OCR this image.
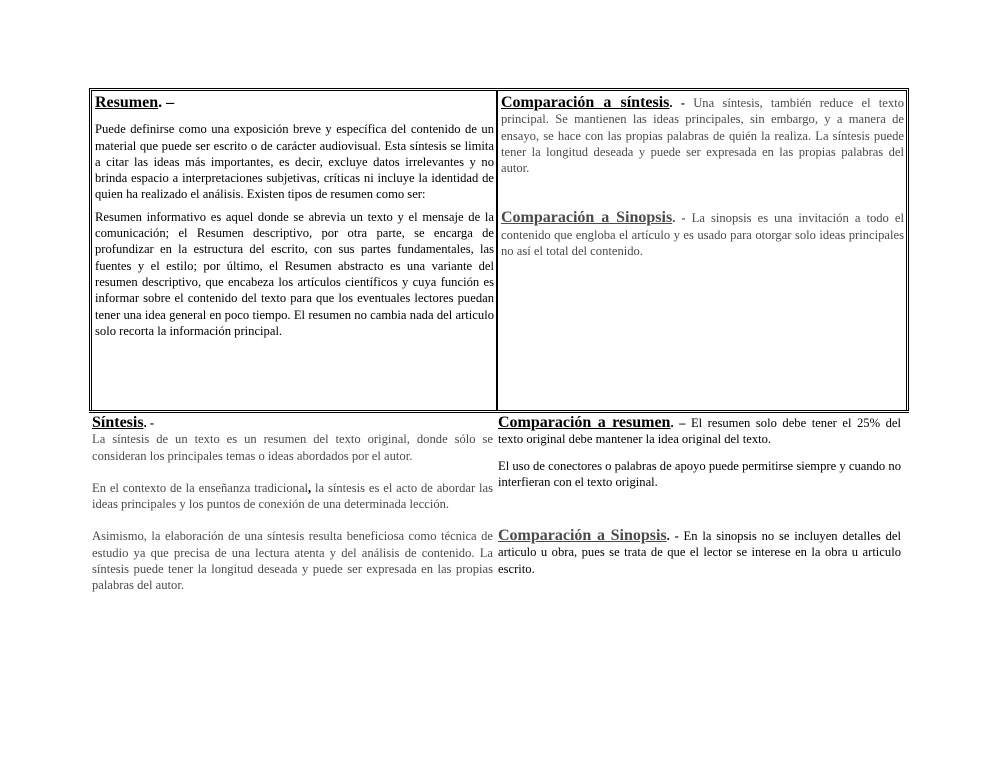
Resumen. –

Puede definirse como una exposición breve y específica del contenido de un material que puede ser escrito o de carácter audiovisual. Esta síntesis se limita a citar las ideas más importantes, es decir, excluye datos irrelevantes y no brinda espacio a interpretaciones subjetivas, críticas ni incluye la identidad de quien ha realizado el análisis. Existen tipos de resumen como ser:

Resumen informativo es aquel donde se abrevia un texto y el mensaje de la comunicación; el Resumen descriptivo, por otra parte, se encarga de profundizar en la estructura del escrito, con sus partes fundamentales, las fuentes y el estilo; por último, el Resumen abstracto es una variante del resumen descriptivo, que encabeza los artículos científicos y cuya función es informar sobre el contenido del texto para que los eventuales lectores puedan tener una idea general en poco tiempo. El resumen no cambia nada del articulo solo recorta la información principal.

Comparación a síntesis. - Una síntesis, también reduce el texto principal. Se mantienen las ideas principales, sin embargo, y a manera de ensayo, se hace con las propias palabras de quién la realiza. La síntesis puede tener la longitud deseada y puede ser expresada en las propias palabras del autor.

Comparación a Sinopsis. - La sinopsis es una invitación a todo el contenido que engloba el artículo y es usado para otorgar solo ideas principales no así el total del contenido.

Síntesis. -

La síntesis de un texto es un resumen del texto original, donde sólo se consideran los principales temas o ideas abordados por el autor.

En el contexto de la enseñanza tradicional, la síntesis es el acto de abordar las ideas principales y los puntos de conexión de una determinada lección.

Asimismo, la elaboración de una síntesis resulta beneficiosa como técnica de estudio ya que precisa de una lectura atenta y del análisis de contenido. La síntesis puede tener la longitud deseada y puede ser expresada en las propias palabras del autor.

Comparación a resumen. – El resumen solo debe tener el 25% del texto original debe mantener la idea original del texto.

El uso de conectores o palabras de apoyo puede permitirse siempre y cuando no interfieran con el texto original.

Comparación a Sinopsis. - En la sinopsis no se incluyen detalles del articulo u obra, pues se trata de que el lector se interese en la obra u articulo escrito.
